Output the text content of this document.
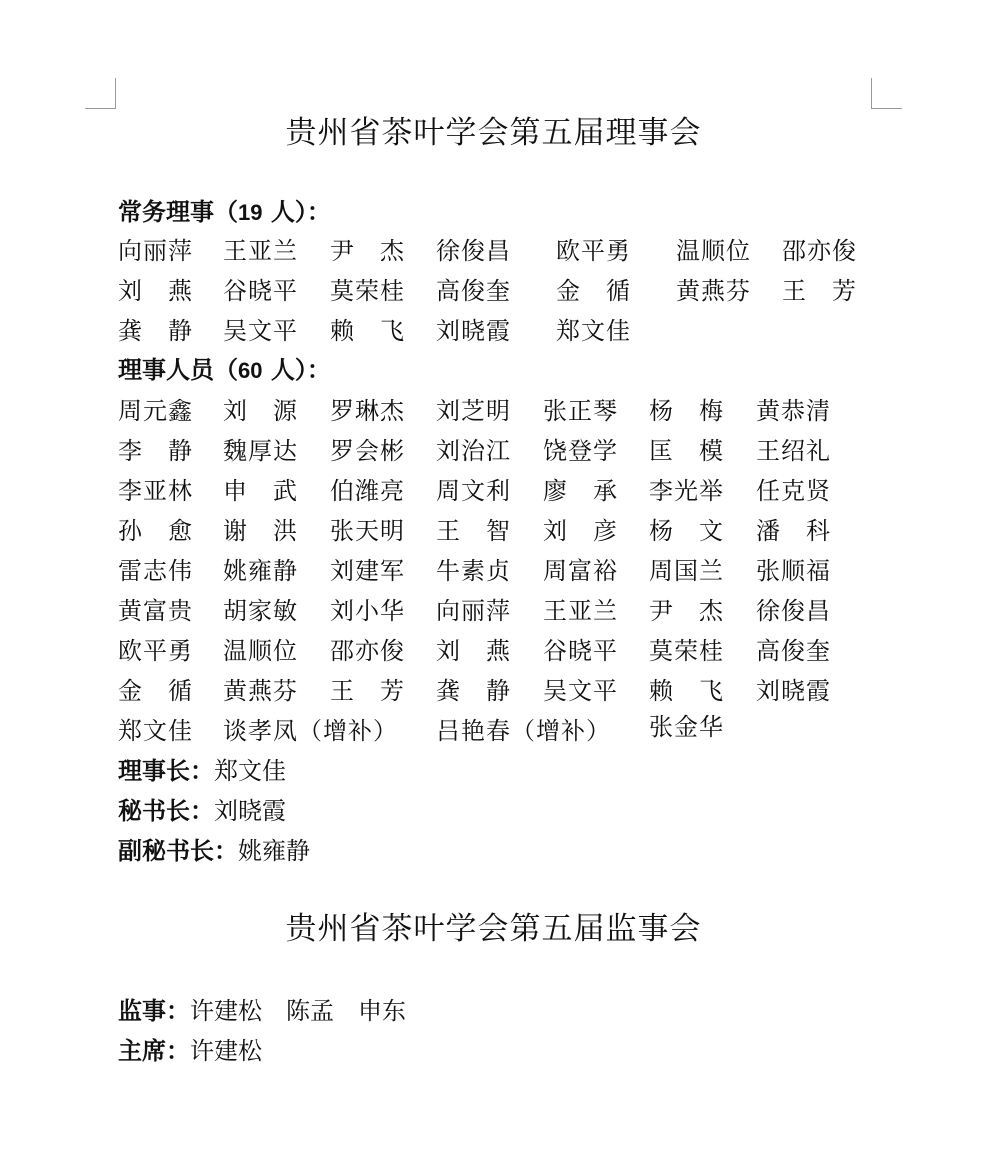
贵州省茶叶学会第五届理事会
常务理事（19 人）：
向丽萍 王亚兰 尹　杰 徐俊昌 欧平勇 温顺位 邵亦俊
刘　燕 谷晓平 莫荣桂 高俊奎 金　循 黄燕芬 王　芳
龚　静 吴文平 赖　飞 刘晓霞 郑文佳
理事人员（60 人）：
周元鑫 刘　源 罗琳杰 刘芝明 张正琴 杨　梅 黄恭清
李　静 魏厚达 罗会彬 刘治江 饶登学 匡　模 王绍礼
李亚林 申　武 伯潍亮 周文利 廖　承 李光举 任克贤
孙　愈 谢　洪 张天明 王　智 刘　彦 杨　文 潘　科
雷志伟 姚雍静 刘建军 牛素贞 周富裕 周国兰 张顺福
黄富贵 胡家敏 刘小华 向丽萍 王亚兰 尹　杰 徐俊昌
欧平勇 温顺位 邵亦俊 刘　燕 谷晓平 莫荣桂 高俊奎
金　循 黄燕芬 王　芳 龚　静 吴文平 赖　飞 刘晓霞
郑文佳 谈孝凤（增补） 吕艳春（增补） 张金华
理事长：郑文佳
秘书长：刘晓霞
副秘书长：姚雍静
贵州省茶叶学会第五届监事会
监事：许建松　陈孟　申东
主席：许建松
